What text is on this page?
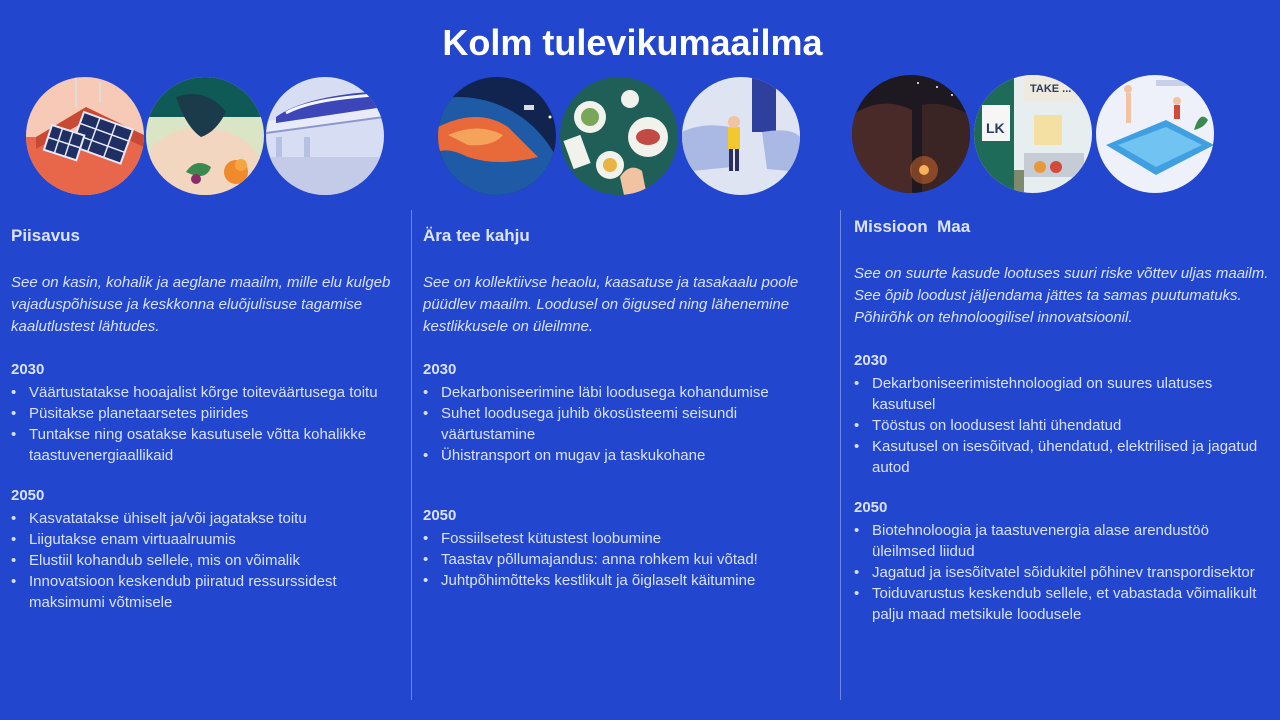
Kolm tulevikumaailma
TAKE ...
LK
Piisavus

See on kasin, kohalik ja aeglane maailm, mille elu kulgeb vajaduspõhisuse ja keskkonna eluõjulisuse tagamise kaalutlustest lähtudes.

2030
• Väärtustatakse hooajalist kõrge toiteväärtusega toitu
• Püsitakse planetaarsetes piirides
• Tuntakse ning osatakse kasutusele võtta kohalikke taastuvenergiaallikaid
2050
• Kasvatatakse ühiselt ja/või jagatakse toitu
• Liigutakse enam virtuaalruumis
• Elustiil kohandub sellele, mis on võimalik
• Innovatsioon keskendub piiratud ressurssidest maksimumi võtmisele
Ära tee kahju

See on kollektiivse heaolu, kaasatuse ja tasakaalu poole püüdlev maailm. Loodusel on õigused ning lähenemine kestlikkusele on üleilmne.

2030
• Dekarboniseerimine läbi loodusega kohandumise
• Suhet loodusega juhib ökosüsteemi seisundi väärtustamine
• Ühistransport on mugav ja taskukohane
2050
• Fossiilsetest kütustest loobumine
• Taastav põllumajandus: anna rohkem kui võtad!
• Juhtpõhimõtteks kestlikult ja õiglaselt käitumine
Missioon  Maa

See on suurte kasude lootuses suuri riske võttev uljas maailm. See õpib loodust jäljendama jättes ta samas puutumatuks. Põhirõhk on tehnoloogilisel innovatsioonil.

2030
• Dekarboniseerimistehnoloogiad on suures ulatuses kasutusel
• Tööstus on loodusest lahti ühendatud
• Kasutusel on isesõitvad, ühendatud, elektrilised ja jagatud autod
2050
• Biotehnoloogia ja taastuvenergia alase arendustöö üleilmsed liidud
• Jagatud ja isesõitvatel sõidukitel põhinev transpordisektor
• Toiduvarustus keskendub sellele, et vabastada võimalikult palju maad metsikule loodusele
